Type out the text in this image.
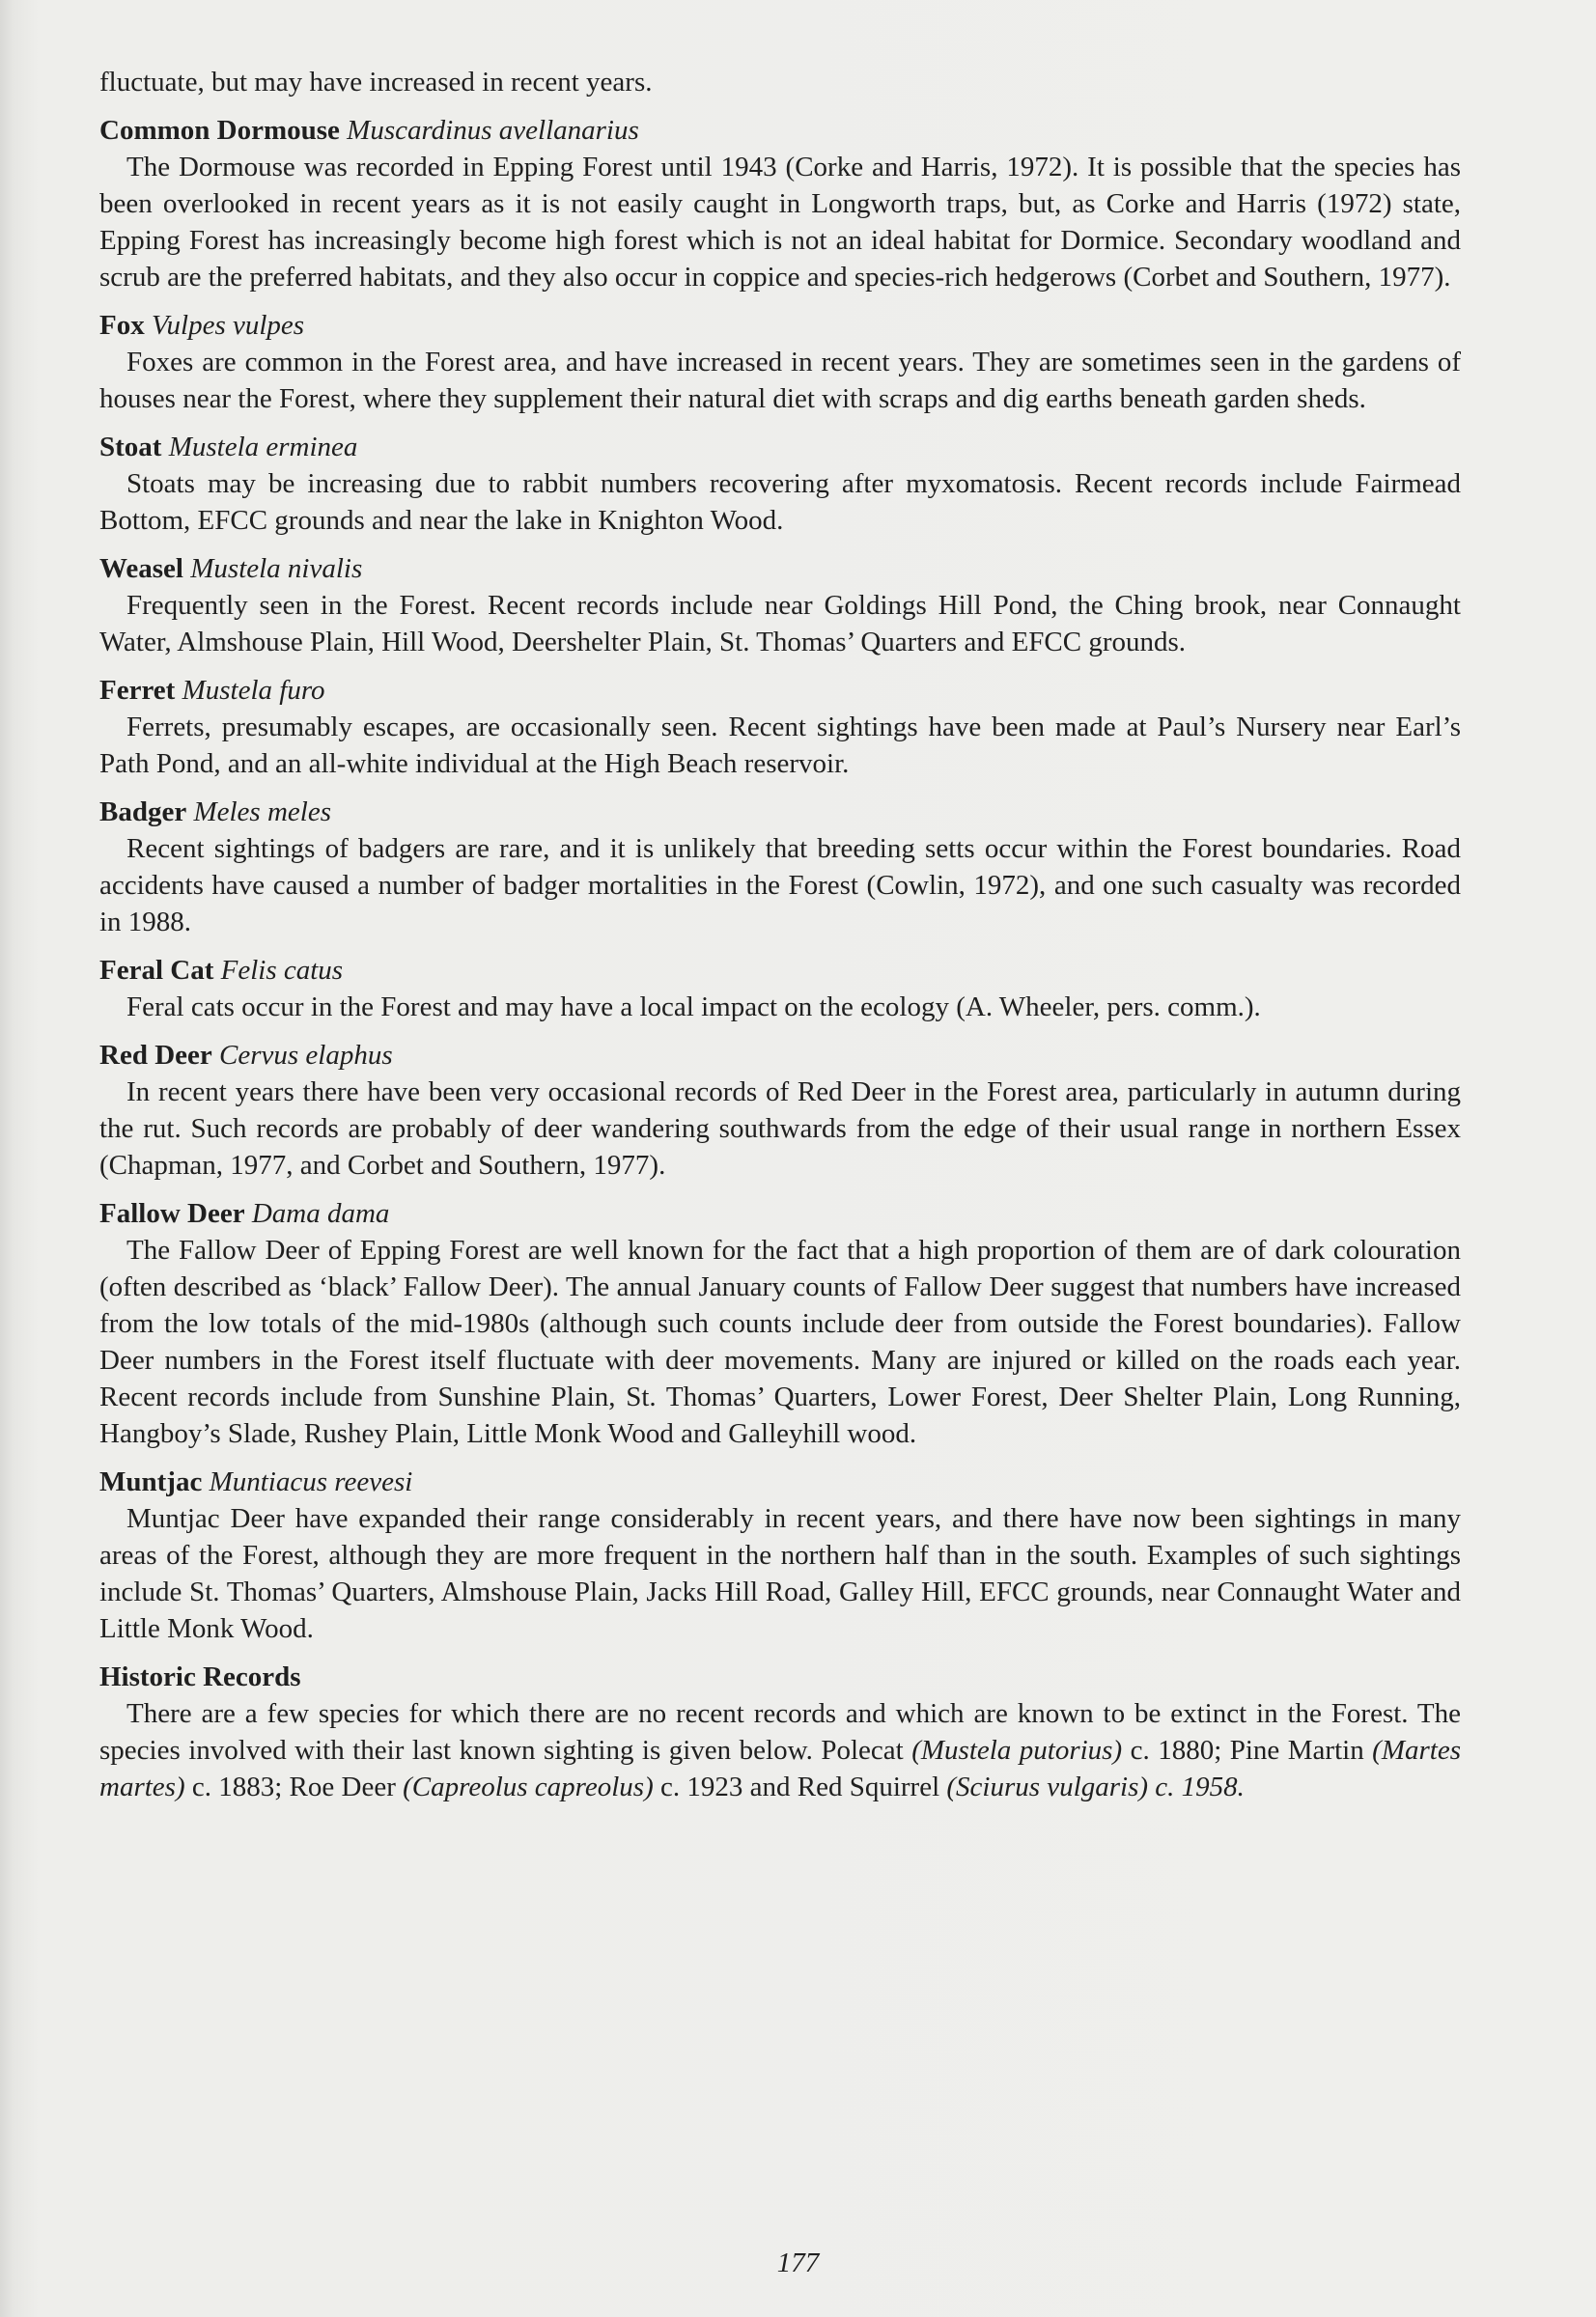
fluctuate, but may have increased in recent years.

Common Dormouse Muscardinus avellanarius

The Dormouse was recorded in Epping Forest until 1943 (Corke and Harris, 1972). It is possible that the species has been overlooked in recent years as it is not easily caught in Longworth traps, but, as Corke and Harris (1972) state, Epping Forest has increasingly become high forest which is not an ideal habitat for Dormice. Secondary woodland and scrub are the preferred habitats, and they also occur in coppice and species-rich hedgerows (Corbet and Southern, 1977).

Fox Vulpes vulpes

Foxes are common in the Forest area, and have increased in recent years. They are sometimes seen in the gardens of houses near the Forest, where they supplement their natural diet with scraps and dig earths beneath garden sheds.

Stoat Mustela erminea

Stoats may be increasing due to rabbit numbers recovering after myxomatosis. Recent records include Fairmead Bottom, EFCC grounds and near the lake in Knighton Wood.

Weasel Mustela nivalis

Frequently seen in the Forest. Recent records include near Goldings Hill Pond, the Ching brook, near Connaught Water, Almshouse Plain, Hill Wood, Deershelter Plain, St. Thomas’ Quarters and EFCC grounds.

Ferret Mustela furo

Ferrets, presumably escapes, are occasionally seen. Recent sightings have been made at Paul’s Nursery near Earl’s Path Pond, and an all-white individual at the High Beach reservoir.

Badger Meles meles

Recent sightings of badgers are rare, and it is unlikely that breeding setts occur within the Forest boundaries. Road accidents have caused a number of badger mortalities in the Forest (Cowlin, 1972), and one such casualty was recorded in 1988.

Feral Cat Felis catus

Feral cats occur in the Forest and may have a local impact on the ecology (A. Wheeler, pers. comm.).

Red Deer Cervus elaphus

In recent years there have been very occasional records of Red Deer in the Forest area, particularly in autumn during the rut. Such records are probably of deer wandering southwards from the edge of their usual range in northern Essex (Chapman, 1977, and Corbet and Southern, 1977).

Fallow Deer Dama dama

The Fallow Deer of Epping Forest are well known for the fact that a high proportion of them are of dark colouration (often described as ‘black’ Fallow Deer). The annual January counts of Fallow Deer suggest that numbers have increased from the low totals of the mid-1980s (although such counts include deer from outside the Forest boundaries). Fallow Deer numbers in the Forest itself fluctuate with deer movements. Many are injured or killed on the roads each year. Recent records include from Sunshine Plain, St. Thomas’ Quarters, Lower Forest, Deer Shelter Plain, Long Running, Hangboy’s Slade, Rushey Plain, Little Monk Wood and Galleyhill wood.

Muntjac Muntiacus reevesi

Muntjac Deer have expanded their range considerably in recent years, and there have now been sightings in many areas of the Forest, although they are more frequent in the northern half than in the south. Examples of such sightings include St. Thomas’ Quarters, Almshouse Plain, Jacks Hill Road, Galley Hill, EFCC grounds, near Connaught Water and Little Monk Wood.

Historic Records

There are a few species for which there are no recent records and which are known to be extinct in the Forest. The species involved with their last known sighting is given below. Polecat (Mustela putorius) c. 1880; Pine Martin (Martes martes) c. 1883; Roe Deer (Capreolus capreolus) c. 1923 and Red Squirrel (Sciurus vulgaris) c. 1958.

177
